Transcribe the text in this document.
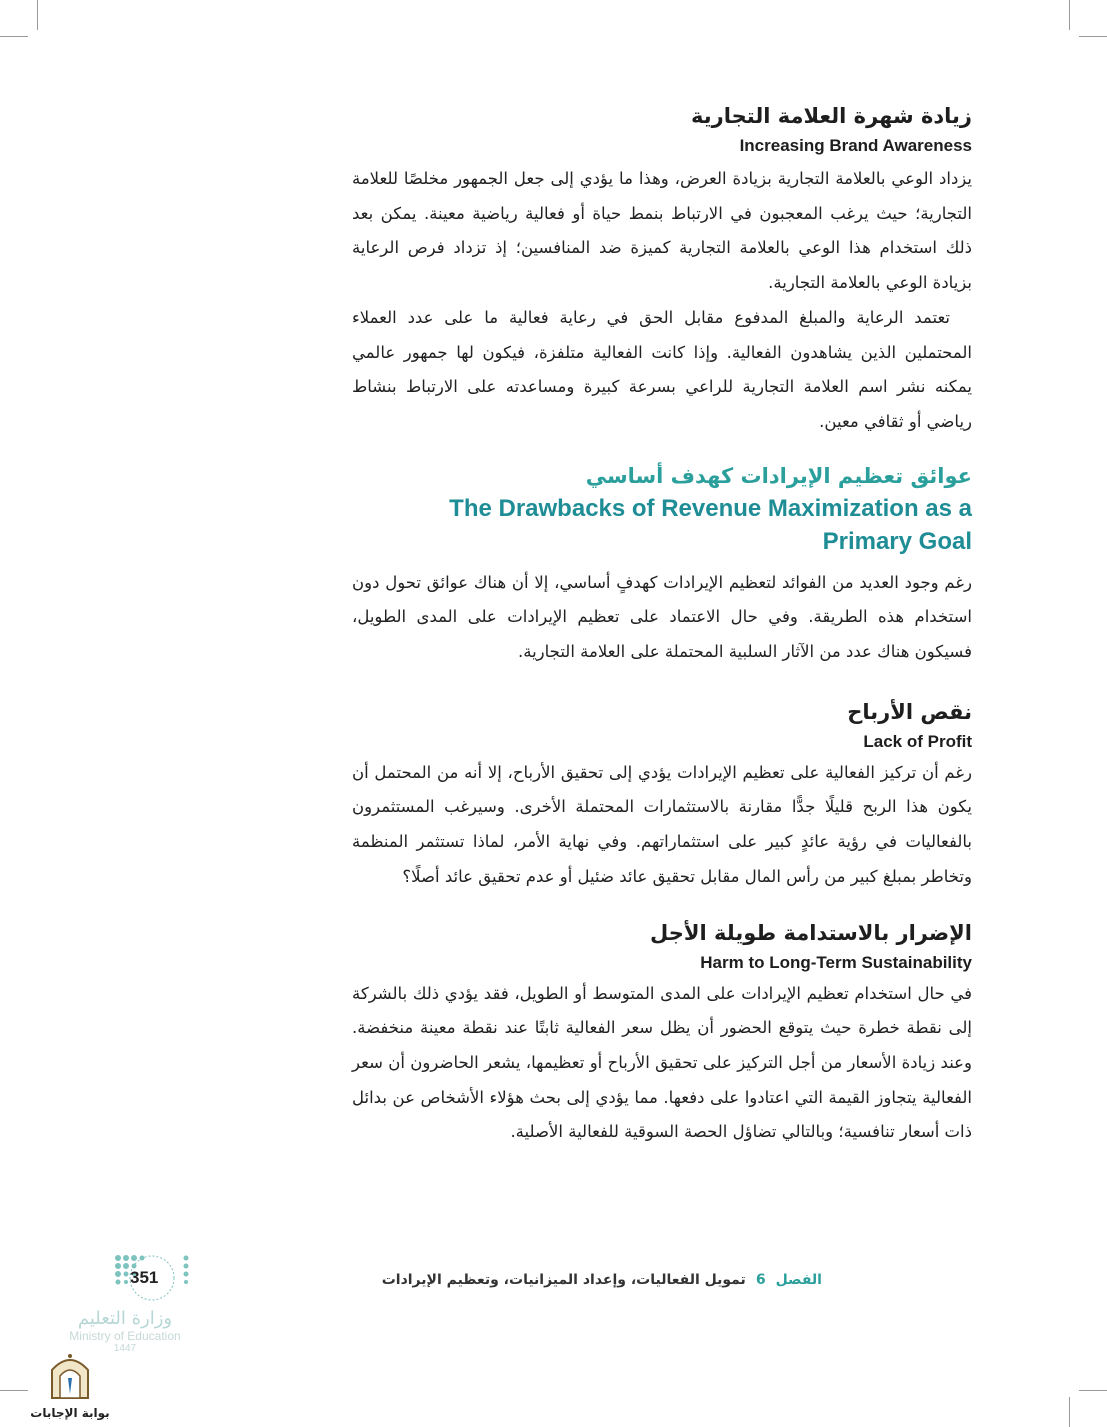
زيادة شهرة العلامة التجارية
Increasing Brand Awareness

يزداد الوعي بالعلامة التجارية بزيادة العرض، وهذا ما يؤدي إلى جعل الجمهور مخلصًا للعلامة التجارية؛ حيث يرغب المعجبون في الارتباط بنمط حياة أو فعالية رياضية معينة. يمكن بعد ذلك استخدام هذا الوعي بالعلامة التجارية كميزة ضد المنافسين؛ إذ تزداد فرص الرعاية بزيادة الوعي بالعلامة التجارية.

تعتمد الرعاية والمبلغ المدفوع مقابل الحق في رعاية فعالية ما على عدد العملاء المحتملين الذين يشاهدون الفعالية. وإذا كانت الفعالية متلفزة، فيكون لها جمهور عالمي يمكنه نشر اسم العلامة التجارية للراعي بسرعة كبيرة ومساعدته على الارتباط بنشاط رياضي أو ثقافي معين.

عوائق تعظيم الإيرادات كهدف أساسي
The Drawbacks of Revenue Maximization as a Primary Goal

رغم وجود العديد من الفوائد لتعظيم الإيرادات كهدفٍ أساسي، إلا أن هناك عوائق تحول دون استخدام هذه الطريقة. وفي حال الاعتماد على تعظيم الإيرادات على المدى الطويل، فسيكون هناك عدد من الآثار السلبية المحتملة على العلامة التجارية.

نقص الأرباح
Lack of Profit

رغم أن تركيز الفعالية على تعظيم الإيرادات يؤدي إلى تحقيق الأرباح، إلا أنه من المحتمل أن يكون هذا الربح قليلًا جدًّا مقارنة بالاستثمارات المحتملة الأخرى. وسيرغب المستثمرون بالفعاليات في رؤية عائدٍ كبير على استثماراتهم. وفي نهاية الأمر، لماذا تستثمر المنظمة وتخاطر بمبلغ كبير من رأس المال مقابل تحقيق عائد ضئيل أو عدم تحقيق عائد أصلًا؟

الإضرار بالاستدامة طويلة الأجل
Harm to Long-Term Sustainability

في حال استخدام تعظيم الإيرادات على المدى المتوسط أو الطويل، فقد يؤدي ذلك بالشركة إلى نقطة خطرة حيث يتوقع الحضور أن يظل سعر الفعالية ثابتًا عند نقطة معينة منخفضة. وعند زيادة الأسعار من أجل التركيز على تحقيق الأرباح أو تعظيمها، يشعر الحاضرون أن سعر الفعالية يتجاوز القيمة التي اعتادوا على دفعها. مما يؤدي إلى بحث هؤلاء الأشخاص عن بدائل ذات أسعار تنافسية؛ وبالتالي تضاؤل الحصة السوقية للفعالية الأصلية.

الفصل
6
تمويل الفعاليات، وإعداد الميزانيات، وتعظيم الإيرادات
351
وزارة التعليم
Ministry of Education
1447
بوابة الإجابات
